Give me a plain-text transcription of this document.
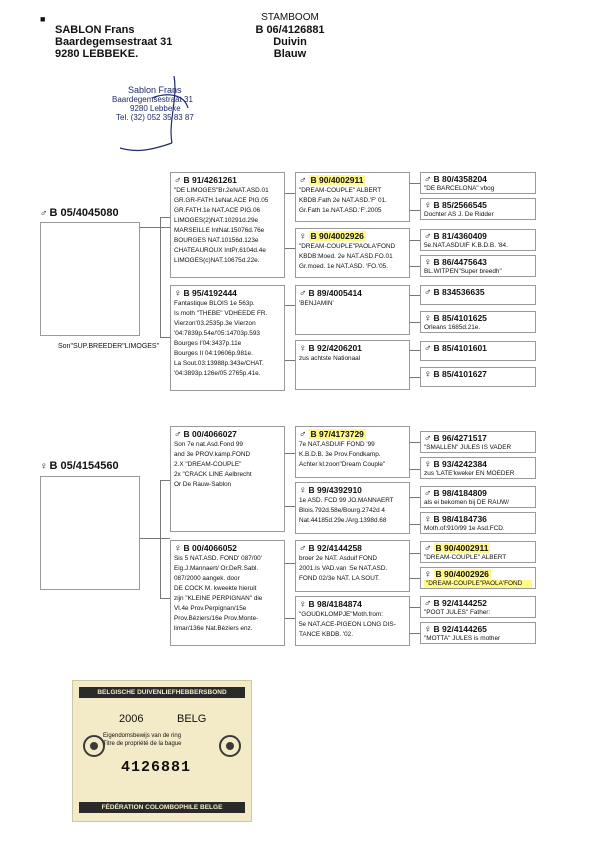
■
SABLON Frans
Baardegemsestraat 31
9280 LEBBEKE.
STAMBOOM
B 06/4126881
Duivin
Blauw
Sablon Frans
Baardegemsestraat 31
9280 Lebbeke
Tel. (32) 052 35 83 87
♂ B 05/4045080
Son"SUP.BREEDER"LIMOGES"
♀ B 05/4154560
♂ B 91/4261261
"DE LIMOGES"Br.2eNAT.ASD.01
GR.GR-FATH.1eNat.ACE PIG.05
GR.FATH.1e NAT.ACE PIG.06
LIMOGES(2)NAT.10291d.29e
MARSEILLE IntNat.15076d.76e
BOURGES NAT.10156d.123e
CHATEAUROUX IntPr.6104d.4e
LIMOGES(c)NAT.10675d.22e.
♀ B 95/4192444
Fantastique BLOIS 1e 563p.
Is moth "THEBE" VDHEEDE FR.
Vierzon'03.2535p.3e Vierzon
'04:7839p.54e/'05:14703p.593
Bourges I'04:3437p.11e
Bourges II 04:19606p.981e.
La Sout.03:13988p.343e/CHAT.
'04:3893p.126e/05 2765p.41e.
♂ B 00/4066027
Son 7e nat.Asd.Fond 99
and 3e PROV.kamp.FOND
2.X "DREAM-COUPLE"
2x "CRACK LINE Aelbrecht
Or De Rauw-Sablon
♀ B 00/4066052
Sis 5 NAT.ASD. FOND' 087/00'
Eig.J.Mannaert/ Or.DeR.Sabl.
087/2000 aangek. door
DE COCK M. kweekte hieruit
zijn "KLEINE PERPIGNAN" die
Vl.4e Prov.Perpignan/15e
Prov.Béziers/16e Prov.Monte-
limar/136e Nat.Béziers enz.
♂ B 90/4002911
"DREAM-COUPLE" ALBERT
KBDB.Fath 2e NAT.ASD.'F' 01.
Gr.Fath 1e.NAT.ASD.'F'.2005
♀ B 90/4002926
"DREAM-COUPLE"PAOLA'FOND
KBDB:Moed. 2e NAT.ASD.FO.01
Gr.moed. 1e NAT.ASD. 'FO.'05.
♂ B 89/4005414
'BENJAMIN'
♀ B 92/4206201
zus achtste Nationaal
♂ B 97/4173729
7e NAT.ASDUIF FOND '99
K.B.D.B. 3e Prov.Fondkamp.
Achter kl.zoon"Dream Couple"
♀ B 99/4392910
1e ASD. FCD 99 JO.MANNAERT
Blois.792d.58e/Bourg.2742d 4
Nat.44185d.29e./Arg.1398d.68
♂ B 92/4144258
broer 2e NAT. Asduif FOND
2001.Is VAD.van :5e NAT.ASD.
FOND 02/3e NAT. LA SOUT.
♀ B 98/4184874
"GOUDKLOMPJE"Moth.from:
5e NAT.ACE-PIGEON LONG DIS-
TANCE KBDB. '02.
♂ B 80/4358204
"DE BARCELONA" vbog
♀ B 85/2566545
Dochter AS J. De Ridder
♂ B 81/4360409
5e.NAT.ASDUIF K.B.D.B. '84.
♀ B 86/4475643
BL.WITPEN"Super breedh"
♂ B 834536635
♀ B 85/4101625
Orleans 1685d.21e.
♂ B 85/4101601
♀ B 85/4101627
♂ B 96/4271517
"SMALLEN" JULES IS VADER
♀ B 93/4242384
zus 'LATE'kweker EN MOEDER
♂ B 98/4184809
als ei bekomen bij DE RAUW/
♀ B 98/4184736
Moth.of:910/99 1e Asd.FCD.
♂ B 90/4002911
"DREAM-COUPLE" ALBERT
♀ B 90/4002926
"DREAM-COUPLE"PAOLA'FOND
♂ B 92/4144252
"POOT JULES" Father:
♀ B 92/4144265
"MOTTA" JULES is mother
BELGISCHE DUIVENLIEFHEBBERSBOND
2006	BELG
Eigendomsbewijs van de ring
Titre de propriété de la bague
4126881
FÉDÉRATION COLOMBOPHILE BELGE
